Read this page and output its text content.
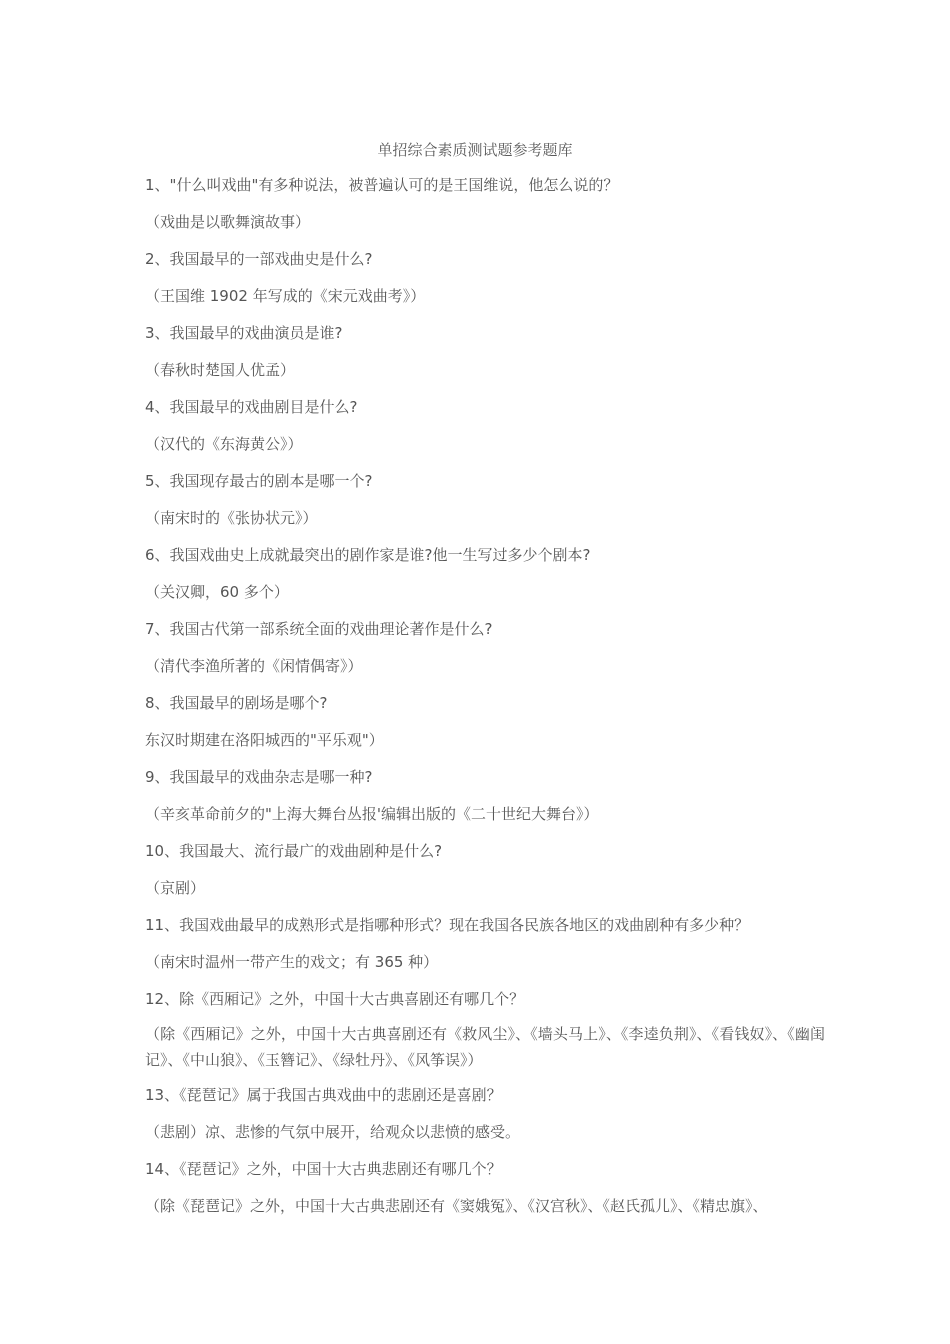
单招综合素质测试题参考题库
1、"什么叫戏曲"有多种说法，被普遍认可的是王国维说，他怎么说的？
（戏曲是以歌舞演故事）
2、我国最早的一部戏曲史是什么?
（王国维 1902 年写成的《宋元戏曲考》）
3、我国最早的戏曲演员是谁?
（春秋时楚国人优孟）
4、我国最早的戏曲剧目是什么?
（汉代的《东海黄公》）
5、我国现存最古的剧本是哪一个?
（南宋时的《张协状元》）
6、我国戏曲史上成就最突出的剧作家是谁?他一生写过多少个剧本?
（关汉卿，60 多个）
7、我国古代第一部系统全面的戏曲理论著作是什么?
（清代李渔所著的《闲情偶寄》）
8、我国最早的剧场是哪个?
东汉时期建在洛阳城西的"平乐观"）
9、我国最早的戏曲杂志是哪一种?
（辛亥革命前夕的"上海大舞台丛报'编辑出版的《二十世纪大舞台》）
10、我国最大、流行最广的戏曲剧种是什么?
（京剧）
11、我国戏曲最早的成熟形式是指哪种形式？现在我国各民族各地区的戏曲剧种有多少种？
（南宋时温州一带产生的戏文；有 365 种）
12、除《西厢记》之外，中国十大古典喜剧还有哪几个？
（除《西厢记》之外，中国十大古典喜剧还有《救风尘》、《墙头马上》、《李逵负荆》、《看钱奴》、《幽闺记》、《中山狼》、《玉簪记》、《绿牡丹》、《风筝误》）
13、《琵琶记》属于我国古典戏曲中的悲剧还是喜剧？
（悲剧）凉、悲惨的气氛中展开，给观众以悲愤的感受。
14、《琵琶记》之外，中国十大古典悲剧还有哪几个？
（除《琵琶记》之外，中国十大古典悲剧还有《窦娥冤》、《汉宫秋》、《赵氏孤儿》、《精忠旗》、
